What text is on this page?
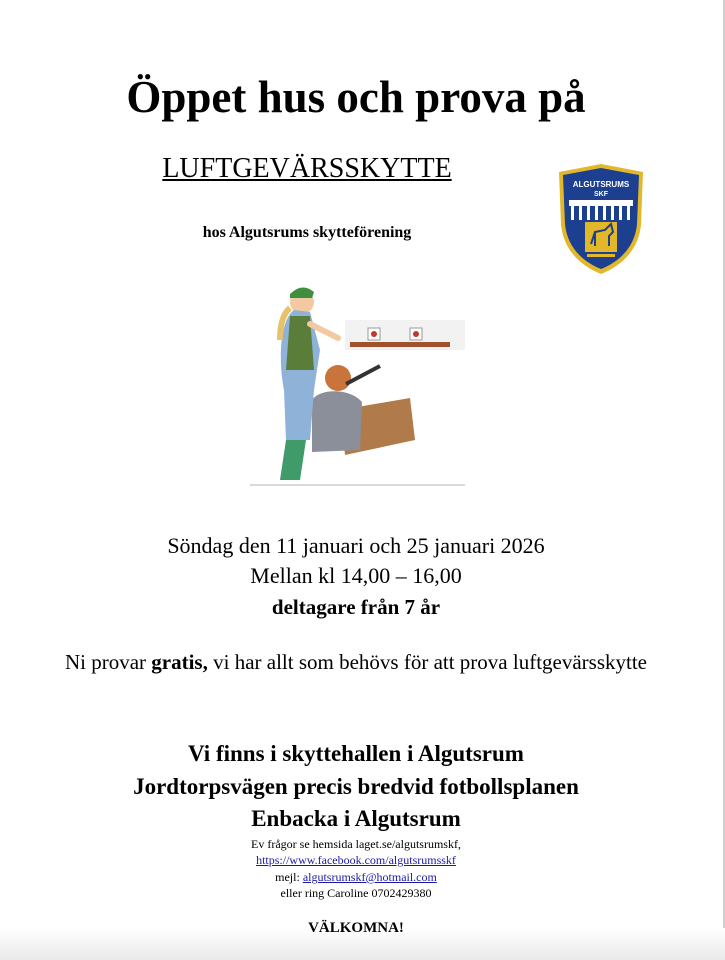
Öppet hus och prova på
LUFTGEVÄRSSKYTTE
hos Algutsrums skytteförening
ALGUTSRUMS
SKF
Söndag den 11 januari och 25 januari 2026
Mellan kl 14,00 – 16,00
deltagare från 7 år
Ni provar gratis, vi har allt som behövs för att prova luftgevärsskytte
Vi finns i skyttehallen i Algutsrum
Jordtorpsvägen precis bredvid fotbollsplanen
Enbacka i Algutsrum
Ev frågor se hemsida laget.se/algutsrumskf,
https://www.facebook.com/algutsrumsskf
mejl: algutsrumskf@hotmail.com
eller ring Caroline 0702429380
VÄLKOMNA!
